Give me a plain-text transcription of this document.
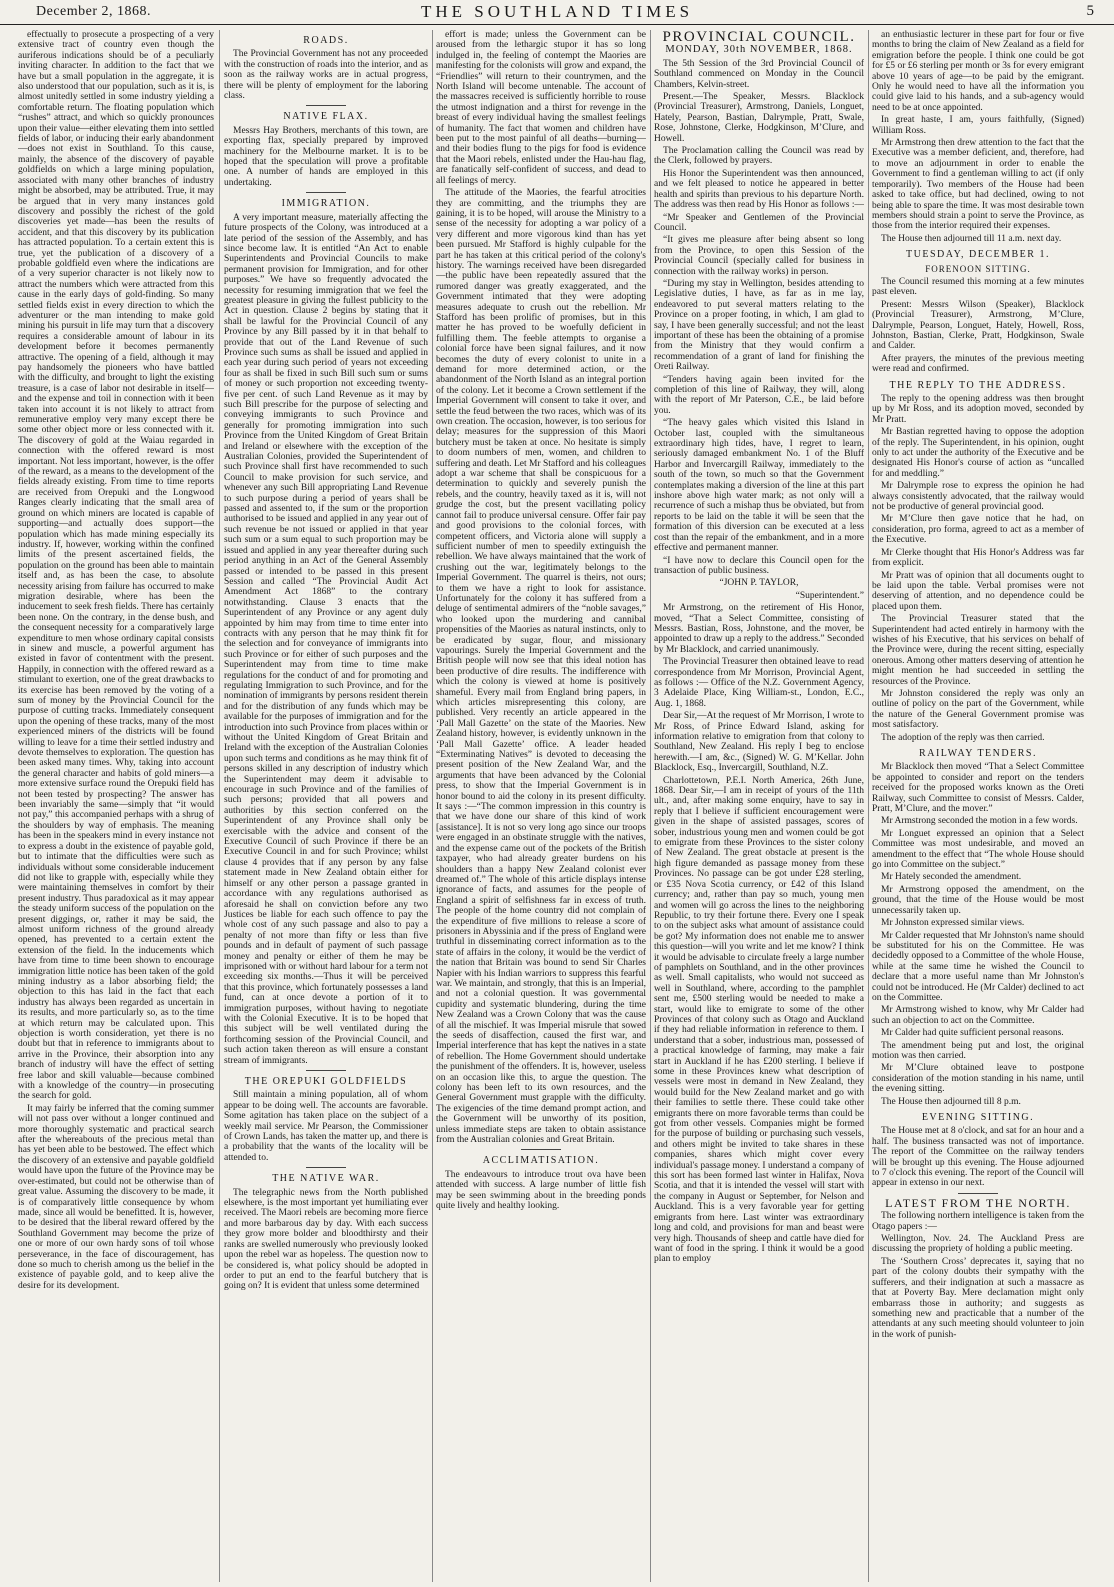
December 2, 1868.	THE SOUTHLAND TIMES	5

effectually to prosecute a prospecting of a very extensive tract of country even though the auriferous indications should be of a peculiarly inviting character. In addition to the fact that we have but a small population in the aggregate, it is also understood that our population, such as it is, is almost unitedly settled in some industry yielding a comfortable return. The floating population which “rushes” attract, and which so quickly pronounces upon their value—either elevating them into settled fields of labor, or inducing their early abandonment—does not exist in Southland. To this cause, mainly, the absence of the discovery of payable goldfields on which a large mining population, associated with many other branches of industry might be absorbed, may be attributed. True, it may be argued that in very many instances gold discovery and possibly the richest of the gold discoveries yet made—has been the results of accident, and that this discovery by its publication has attracted population. To a certain extent this is true, yet the publication of a discovery of a probable goldfield even where the indications are of a very superior character is not likely now to attract the numbers which were attracted from this cause in the early days of gold-finding. So many settled fields exist in every direction to which the adventurer or the man intending to make gold mining his pursuit in life may turn that a discovery requires a considerable amount of labour in its development before it becomes permanently attractive. The opening of a field, although it may pay handsomely the pioneers who have battled with the difficulty, and brought to light the existing treasure, is a case of labor not desirable in itself—and the expense and toil in connection with it been taken into account it is not likely to attract from remunerative employ very many except there be some other object more or less connected with it. The discovery of gold at the Waiau regarded in connection with the offered reward is most important. Not less important, however, is the offer of the reward, as a means to the development of the fields already existing. From time to time reports are received from Orepuki and the Longwood Ranges clearly indicating that the small area of ground on which miners are located is capable of supporting—and actually does support—the population which has made mining especially its industry. If, however, working within the confined limits of the present ascertained fields, the population on the ground has been able to maintain itself and, as has been the case, to absolute necessity arising from failure has occurred to make migration desirable, where has been the inducement to seek fresh fields. There has certainly been none. On the contrary, in the dense bush, and the consequent necessity for a comparatively large expenditure to men whose ordinary capital consists in sinew and muscle, a powerful argument has existed in favor of contentment with the present. Happily, in connection with the offered reward as a stimulant to exertion, one of the great drawbacks to its exercise has been removed by the voting of a sum of money by the Provincial Council for the purpose of cutting tracks. Immediately consequent upon the opening of these tracks, many of the most experienced miners of the districts will be found willing to leave for a time their settled industry and devote themselves to exploration. The question has been asked many times. Why, taking into account the general character and habits of gold miners—a more extensive surface round the Orepuki field has not been tested by prospecting? The answer has been invariably the same—simply that “it would not pay,” this accompanied perhaps with a shrug of the shoulders by way of emphasis. The meaning has been in the speakers mind in every instance not to express a doubt in the existence of payable gold, but to intimate that the difficulties were such as individuals without some considerable inducement did not like to grapple with, especially while they were maintaining themselves in comfort by their present industry. Thus paradoxical as it may appear the steady uniform success of the population on the present diggings, or, rather it may be said, the almost uniform richness of the ground already opened, has prevented to a certain extent the extension of the field. In the inducements which have from time to time been shown to encourage immigration little notice has been taken of the gold mining industry as a labor absorbing field; the objection to this has laid in the fact that each industry has always been regarded as uncertain in its results, and more particularly so, as to the time at which return may be calculated upon. This objection is worth consideration, yet there is no doubt but that in reference to immigrants about to arrive in the Province, their absorption into any branch of industry will have the effect of setting free labor and skill valuable—because combined with a knowledge of the country—in prosecuting the search for gold.

It may fairly be inferred that the coming summer will not pass over without a longer continued and more thoroughly systematic and practical search after the whereabouts of the precious metal than has yet been able to be bestowed. The effect which the discovery of an extensive and payable goldfield would have upon the future of the Province may be over-estimated, but could not be otherwise than of great value. Assuming the discovery to be made, it is of comparatively little consequence by whom made, since all would be benefitted. It is, however, to be desired that the liberal reward offered by the Southland Government may become the prize of one or more of our own hardy sons of toil whose perseverance, in the face of discouragement, has done so much to cherish among us the belief in the existence of payable gold, and to keep alive the desire for its development.

ROADS.

The Provincial Government has not any proceeded with the construction of roads into the interior, and as soon as the railway works are in actual progress, there will be plenty of employment for the laboring class.

NATIVE FLAX.

Messrs Hay Brothers, merchants of this town, are exporting flax, specially prepared by improved machinery for the Melbourne market. It is to be hoped that the speculation will prove a profitable one. A number of hands are employed in this undertaking.

IMMIGRATION.

A very important measure, materially affecting the future prospects of the Colony, was introduced at a late period of the session of the Assembly, and has since become law. It is entitled “An Act to enable Superintendents and Provincial Councils to make permanent provision for Immigration, and for other purposes.” We have so frequently advocated the necessity for resuming immigration that we feel the greatest pleasure in giving the fullest publicity to the Act in question. Clause 2 begins by stating that it shall be lawful for the Provincial Council of any Province by any Bill passed by it in that behalf to provide that out of the Land Revenue of such Province such sums as shall be issued and applied in each year during such period of years not exceeding four as shall be fixed in such Bill such sum or sums of money or such proportion not exceeding twenty-five per cent. of such Land Revenue as it may by such Bill prescribe for the purpose of selecting and conveying immigrants to such Province and generally for promoting immigration into such Province from the United Kingdom of Great Britain and Ireland or elsewhere with the exception of the Australian Colonies, provided the Superintendent of such Province shall first have recommended to such Council to make provision for such service, and whenever any such Bill appropriating Land Revenue to such purpose during a period of years shall be passed and assented to, if the sum or the proportion authorised to be issued and applied in any year out of such revenue be not issued or applied in that year such sum or a sum equal to such proportion may be issued and applied in any year thereafter during such period anything in an Act of the General Assembly passed or intended to be passed in this present Session and called “The Provincial Audit Act Amendment Act 1868” to the contrary notwithstanding. Clause 3 enacts that the Superintendent of any Province or any agent duly appointed by him may from time to time enter into contracts with any person that he may think fit for the selection and for conveyance of immigrants into such Province or for either of such purposes and the Superintendent may from time to time make regulations for the conduct of and for promoting and regulating Immigration to such Province, and for the nomination of immigrants by persons resident therein and for the distribution of any funds which may be available for the purposes of immigration and for the introduction into such Province from places within or without the United Kingdom of Great Britain and Ireland with the exception of the Australian Colonies upon such terms and conditions as he may think fit of persons skilled in any description of industry which the Superintendent may deem it advisable to encourage in such Province and of the families of such persons; provided that all powers and authorities by this section conferred on the Superintendent of any Province shall only be exercisable with the advice and consent of the Executive Council of such Province if there be an Executive Council in and for such Province; whilst clause 4 provides that if any person by any false statement made in New Zealand obtain either for himself or any other person a passage granted in accordance with any regulations authorised as aforesaid he shall on conviction before any two Justices be liable for each such offence to pay the whole cost of any such passage and also to pay a penalty of not more than fifty or less than five pounds and in default of payment of such passage money and penalty or either of them he may be imprisoned with or without hard labour for a term not exceeding six months.—Thus it will be perceived that this province, which fortunately possesses a land fund, can at once devote a portion of it to immigration purposes, without having to negotiate with the Colonial Executive. It is to be hoped that this subject will be well ventilated during the forthcoming session of the Provincial Council, and such action taken thereon as will ensure a constant stream of immigrants.

THE OREPUKI GOLDFIELDS

Still maintain a mining population, all of whom appear to be doing well. The accounts are favorable. Some agitation has taken place on the subject of a weekly mail service. Mr Pearson, the Commissioner of Crown Lands, has taken the matter up, and there is a probability that the wants of the locality will be attended to.

THE NATIVE WAR.

The telegraphic news from the North published elsewhere, is the most important yet humiliating ever received. The Maori rebels are becoming more fierce and more barbarous day by day. With each success they grow more bolder and bloodthirsty and their ranks are swelled numerously who previously looked upon the rebel war as hopeless. The question now to be considered is, what policy should be adopted in order to put an end to the fearful butchery that is going on? It is evident that unless some determined

effort is made; unless the Government can be aroused from the lethargic stupor it has so long indulged in, the feeling of contempt the Maories are manifesting for the colonists will grow and expand, the “Friendlies” will return to their countrymen, and the North Island will become untenable. The account of the massacres received is sufficiently horrible to rouse the utmost indignation and a thirst for revenge in the breast of every individual having the smallest feelings of humanity. The fact that women and children have been put to the most painful of all deaths—burning—and their bodies flung to the pigs for food is evidence that the Maori rebels, enlisted under the Hau-hau flag, are fanatically self-confident of success, and dead to all feelings of mercy.

The attitude of the Maories, the fearful atrocities they are committing, and the triumphs they are gaining, it is to be hoped, will arouse the Ministry to a sense of the necessity for adopting a war policy of a very different and more vigorous kind than has yet been pursued. Mr Stafford is highly culpable for the part he has taken at this critical period of the colony's history. The warnings received have been disregarded—the public have been repeatedly assured that the rumored danger was greatly exaggerated, and the Government intimated that they were adopting measures adequate to crush out the rebellion. Mr Stafford has been prolific of promises, but in this matter he has proved to be woefully deficient in fulfilling them. The feeble attempts to organise a colonial force have been signal failures, and it now becomes the duty of every colonist to unite in a demand for more determined action, or the abandonment of the North Island as an integral portion of the colony. Let it become a Crown settlement if the Imperial Government will consent to take it over, and settle the feud between the two races, which was of its own creation. The occasion, however, is too serious for delay; measures for the suppression of this Maori butchery must be taken at once. No hesitate is simply to doom numbers of men, women, and children to suffering and death. Let Mr Stafford and his colleagues adopt a war scheme that shall be conspicuous for a determination to quickly and severely punish the rebels, and the country, heavily taxed as it is, will not grudge the cost, but the present vacillating policy cannot fail to produce universal censure. Offer fair pay and good provisions to the colonial forces, with competent officers, and Victoria alone will supply a sufficient number of men to speedily extinguish the rebellion. We have always maintained that the work of crushing out the war, legitimately belongs to the Imperial Government. The quarrel is theirs, not ours; to them we have a right to look for assistance. Unfortunately for the colony it has suffered from a deluge of sentimental admirers of the “noble savages,” who looked upon the murdering and cannibal propensities of the Maories as natural instincts, only to be eradicated by sugar, flour, and missionary vapourings. Surely the Imperial Government and the British people will now see that this ideal notion has been productive of dire results. The indifference with which the colony is viewed at home is positively shameful. Every mail from England bring papers, in which articles misrepresenting this colony, are published. Very recently an article appeared in the ‘Pall Mall Gazette’ on the state of the Maories. New Zealand history, however, is evidently unknown in the ‘Pall Mall Gazette’ office. A leader headed “Exterminating Natives” is devoted to deceasing the present position of the New Zealand War, and the arguments that have been advanced by the Colonial press, to show that the Imperial Government is in honor bound to aid the colony in its present difficulty. It says :—“The common impression in this country is that we have done our share of this kind of work [assistance]. It is not so very long ago since our troops were engaged in an obstinate struggle with the natives, and the expense came out of the pockets of the British taxpayer, who had already greater burdens on his shoulders than a happy New Zealand colonist ever dreamed of.” The whole of this article displays intense ignorance of facts, and assumes for the people of England a spirit of selfishness far in excess of truth. The people of the home country did not complain of the expenditure of five millions to release a score of prisoners in Abyssinia and if the press of England were truthful in disseminating correct information as to the state of affairs in the colony, it would be the verdict of the nation that Britain was bound to send Sir Charles Napier with his Indian warriors to suppress this fearful war. We maintain, and strongly, that this is an Imperial, and not a colonial question. It was governmental cupidity and systematic blundering, during the time New Zealand was a Crown Colony that was the cause of all the mischief. It was Imperial misrule that sowed the seeds of disaffection, caused the first war, and Imperial interference that has kept the natives in a state of rebellion. The Home Government should undertake the punishment of the offenders. It is, however, useless on an occasion like this, to argue the question. The colony has been left to its own resources, and the General Government must grapple with the difficulty. The exigencies of the time demand prompt action, and the Government will be unworthy of its position, unless immediate steps are taken to obtain assistance from the Australian colonies and Great Britain.

ACCLIMATISATION.

The endeavours to introduce trout ova have been attended with success. A large number of little fish may be seen swimming about in the breeding ponds quite lively and healthy looking.

PROVINCIAL COUNCIL.
MONDAY, 30th NOVEMBER, 1868.

The 5th Session of the 3rd Provincial Council of Southland commenced on Monday in the Council Chambers, Kelvin-street.

Present.—The Speaker, Messrs. Blacklock (Provincial Treasurer), Armstrong, Daniels, Longuet, Hately, Pearson, Bastian, Dalrymple, Pratt, Swale, Rose, Johnstone, Clerke, Hodgkinson, M’Clure, and Howell.

The Proclamation calling the Council was read by the Clerk, followed by prayers.

His Honor the Superintendent was then announced, and we felt pleased to notice he appeared in better health and spirits than previous to his departure North. The address was then read by His Honor as follows :—

“Mr Speaker and Gentlemen of the Provincial Council.

“It gives me pleasure after being absent so long from the Province, to open this Session of the Provincial Council (specially called for business in connection with the railway works) in person.

“During my stay in Wellington, besides attending to Legislative duties, I have, as far as in me lay, endeavored to put several matters relating to the Province on a proper footing, in which, I am glad to say, I have been generally successful; and not the least important of these has been the obtaining of a promise from the Ministry that they would confirm a recommendation of a grant of land for finishing the Oreti Railway.

“Tenders having again been invited for the completion of this line of Railway, they will, along with the report of Mr Paterson, C.E., be laid before you.

“The heavy gales which visited this Island in October last, coupled with the simultaneous extraordinary high tides, have, I regret to learn, seriously damaged embankment No. 1 of the Bluff Harbor and Invercargill Railway, immediately to the south of the town, so much so that the Government contemplates making a diversion of the line at this part inshore above high water mark; as not only will a recurrence of such a mishap thus be obviated, but from reports to be laid on the table it will be seen that the formation of this diversion can be executed at a less cost than the repair of the embankment, and in a more effective and permanent manner.

“I have now to declare this Council open for the transaction of public business.

“JOHN P. TAYLOR,

“Superintendent.”

Mr Armstrong, on the retirement of His Honor, moved, “That a Select Committee, consisting of Messrs. Bastian, Ross, Johnstone, and the mover, be appointed to draw up a reply to the address.” Seconded by Mr Blacklock, and carried unanimously.

The Provincial Treasurer then obtained leave to read correspondence from Mr Morrison, Provincial Agent, as follows :— Office of the N.Z. Government Agency, 3 Adelaide Place, King William-st., London, E.C., Aug. 1, 1868.

Dear Sir,—At the request of Mr Morrison, I wrote to Mr Ross, of Prince Edward Island, asking for information relative to emigration from that colony to Southland, New Zealand. His reply I beg to enclose herewith.—I am, &c., (Signed) W. G. M’Kellar. John Blacklock, Esq., Invercargill, Southland, N.Z.

Charlottetown, P.E.I. North America, 26th June, 1868. Dear Sir,—I am in receipt of yours of the 11th ult., and, after making some enquiry, have to say in reply that I believe if sufficient encouragement were given in the shape of assisted passages, scores of sober, industrious young men and women could be got to emigrate from these Provinces to the sister colony of New Zealand. The great obstacle at present is the high figure demanded as passage money from these Provinces. No passage can be got under £28 sterling, or £35 Nova Scotia currency, or £42 of this Island currency; and, rather than pay so much, young men and women will go across the lines to the neighboring Republic, to try their fortune there. Every one I speak to on the subject asks what amount of assistance could be got? My information does not enable me to answer this question—will you write and let me know? I think it would be advisable to circulate freely a large number of pamphlets on Southland, and in the other provinces as well. Small capitalists, who would not succeed as well in Southland, where, according to the pamphlet sent me, £500 sterling would be needed to make a start, would like to emigrate to some of the other Provinces of that colony such as Otago and Auckland if they had reliable information in reference to them. I understand that a sober, industrious man, possessed of a practical knowledge of farming, may make a fair start in Auckland if he has £200 sterling. I believe if some in these Provinces knew what description of vessels were most in demand in New Zealand, they would build for the New Zealand market and go with their families to settle there. These could take other emigrants there on more favorable terms than could be got from other vessels. Companies might be formed for the purpose of building or purchasing such vessels, and others might be invited to take shares in these companies, shares which might cover every individual's passage money. I understand a company of this sort has been formed last winter in Halifax, Nova Scotia, and that it is intended the vessel will start with the company in August or September, for Nelson and Auckland. This is a very favorable year for getting emigrants from here. Last winter was extraordinary long and cold, and provisions for man and beast were very high. Thousands of sheep and cattle have died for want of food in the spring. I think it would be a good plan to employ

an enthusiastic lecturer in these part for four or five months to bring the claim of New Zealand as a field for emigration before the people. I think one could be got for £5 or £6 sterling per month or 3s for every emigrant above 10 years of age—to be paid by the emigrant. Only he would need to have all the information you could give laid to his hands, and a sub-agency would need to be at once appointed.

In great haste, I am, yours faithfully, (Signed) William Ross.

Mr Armstrong then drew attention to the fact that the Executive was a member deficient, and, therefore, had to move an adjournment in order to enable the Government to find a gentleman willing to act (if only temporarily). Two members of the House had been asked to take office, but had declined, owing to not being able to spare the time. It was most desirable town members should strain a point to serve the Province, as those from the interior required their expenses.

The House then adjourned till 11 a.m. next day.

TUESDAY, DECEMBER 1.
FORENOON SITTING.

The Council resumed this morning at a few minutes past eleven.

Present: Messrs Wilson (Speaker), Blacklock (Provincial Treasurer), Armstrong, M’Clure, Dalrymple, Pearson, Longuet, Hately, Howell, Ross, Johnston, Bastian, Clerke, Pratt, Hodgkinson, Swale and Calder.

After prayers, the minutes of the previous meeting were read and confirmed.

THE REPLY TO THE ADDRESS.

The reply to the opening address was then brought up by Mr Ross, and its adoption moved, seconded by Mr Pratt.

Mr Bastian regretted having to oppose the adoption of the reply. The Superintendent, in his opinion, ought only to act under the authority of the Executive and be designated His Honor's course of action as “uncalled for and meddling.”

Mr Dalrymple rose to express the opinion he had always consistently advocated, that the railway would not be productive of general provincial good.

Mr M’Clure then gave notice that he had, on consideration, pro forma, agreed to act as a member of the Executive.

Mr Clerke thought that His Honor's Address was far from explicit.

Mr Pratt was of opinion that all documents ought to be laid upon the table. Verbal promises were not deserving of attention, and no dependence could be placed upon them.

The Provincial Treasurer stated that the Superintendent had acted entirely in harmony with the wishes of his Executive, that his services on behalf of the Province were, during the recent sitting, especially onerous. Among other matters deserving of attention he might mention he had succeeded in settling the resources of the Province.

Mr Johnston considered the reply was only an outline of policy on the part of the Government, while the nature of the General Government promise was most satisfactory.

The adoption of the reply was then carried.

RAILWAY TENDERS.

Mr Blacklock then moved “That a Select Committee be appointed to consider and report on the tenders received for the proposed works known as the Oreti Railway, such Committee to consist of Messrs. Calder, Pratt, M’Clure, and the mover.”

Mr Armstrong seconded the motion in a few words.

Mr Longuet expressed an opinion that a Select Committee was most undesirable, and moved an amendment to the effect that “The whole House should go into Committee on the subject.”

Mr Hately seconded the amendment.

Mr Armstrong opposed the amendment, on the ground, that the time of the House would be most unnecessarily taken up.

Mr Johnston expressed similar views.

Mr Calder requested that Mr Johnston's name should be substituted for his on the Committee. He was decidedly opposed to a Committee of the whole House, while at the same time he wished the Council to declare that a more useful name than Mr Johnston's could not be introduced. He (Mr Calder) declined to act on the Committee.

Mr Armstrong wished to know, why Mr Calder had such an objection to act on the Committee.

Mr Calder had quite sufficient personal reasons.

The amendment being put and lost, the original motion was then carried.

Mr M’Clure obtained leave to postpone consideration of the motion standing in his name, until the evening sitting.

The House then adjourned till 8 p.m.

EVENING SITTING.

The House met at 8 o'clock, and sat for an hour and a half. The business transacted was not of importance. The report of the Committee on the railway tenders will be brought up this evening. The House adjourned to 7 o'clock this evening. The report of the Council will appear in extenso in our next.

LATEST FROM THE NORTH.

The following northern intelligence is taken from the Otago papers :—

Wellington, Nov. 24. The Auckland Press are discussing the propriety of holding a public meeting.

The ‘Southern Cross’ deprecates it, saying that no part of the colony doubts their sympathy with the sufferers, and their indignation at such a massacre as that at Poverty Bay. Mere declamation might only embarrass those in authority; and suggests as something new and practicable that a number of the attendants at any such meeting should volunteer to join in the work of punish-
